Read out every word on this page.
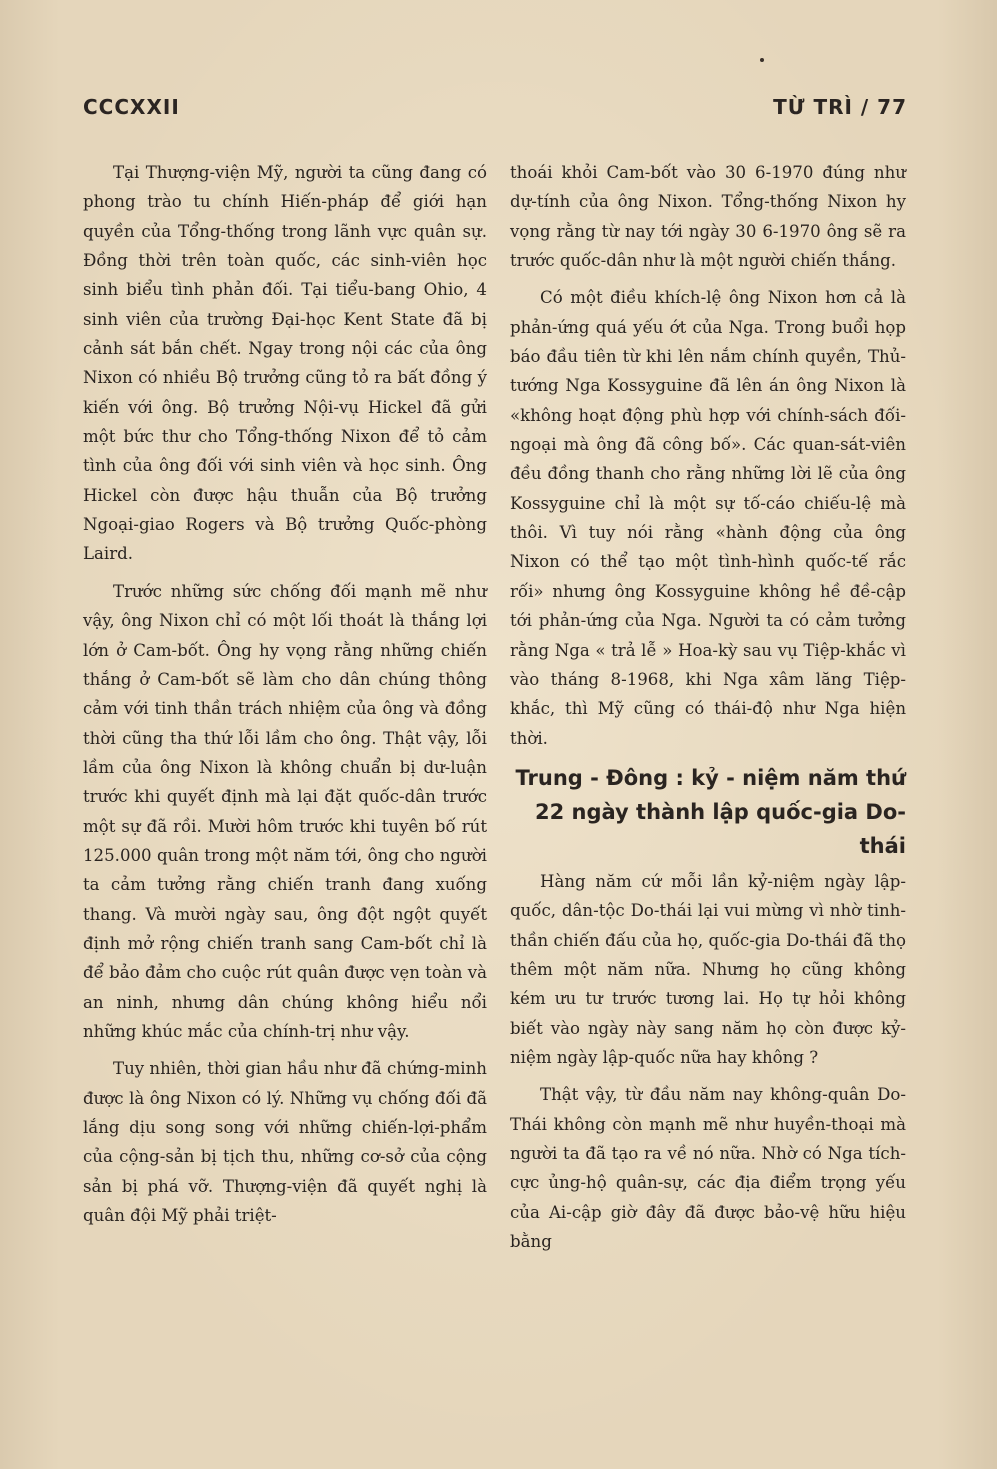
CCCXXII	TỪ TRÌ / 77

Tại Thượng-viện Mỹ, người ta cũng đang có phong trào tu chính Hiến-pháp để giới hạn quyền của Tổng-thống trong lãnh vực quân sự. Đồng thời trên toàn quốc, các sinh-viên học sinh biểu tình phản đối. Tại tiểu-bang Ohio, 4 sinh viên của trường Đại-học Kent State đã bị cảnh sát bắn chết. Ngay trong nội các của ông Nixon có nhiều Bộ trưởng cũng tỏ ra bất đồng ý kiến với ông. Bộ trưởng Nội-vụ Hickel đã gửi một bức thư cho Tổng-thống Nixon để tỏ cảm tình của ông đối với sinh viên và học sinh. Ông Hickel còn được hậu thuẫn của Bộ trưởng Ngoại-giao Rogers và Bộ trưởng Quốc-phòng Laird.

Trước những sức chống đối mạnh mẽ như vậy, ông Nixon chỉ có một lối thoát là thắng lợi lớn ở Cam-bốt. Ông hy vọng rằng những chiến thắng ở Cam-bốt sẽ làm cho dân chúng thông cảm với tinh thần trách nhiệm của ông và đồng thời cũng tha thứ lỗi lầm cho ông. Thật vậy, lỗi lầm của ông Nixon là không chuẩn bị dư-luận trước khi quyết định mà lại đặt quốc-dân trước một sự đã rồi. Mười hôm trước khi tuyên bố rút 125.000 quân trong một năm tới, ông cho người ta cảm tưởng rằng chiến tranh đang xuống thang. Và mười ngày sau, ông đột ngột quyết định mở rộng chiến tranh sang Cam-bốt chỉ là để bảo đảm cho cuộc rút quân được vẹn toàn và an ninh, nhưng dân chúng không hiểu nổi những khúc mắc của chính-trị như vậy.

Tuy nhiên, thời gian hầu như đã chứng-minh được là ông Nixon có lý. Những vụ chống đối đã lắng dịu song song với những chiến-lợi-phẩm của cộng-sản bị tịch thu, những cơ-sở của cộng sản bị phá vỡ. Thượng-viện đã quyết nghị là quân đội Mỹ phải triệt-

thoái khỏi Cam-bốt vào 30 6-1970 đúng như dự-tính của ông Nixon. Tổng-thống Nixon hy vọng rằng từ nay tới ngày 30 6-1970 ông sẽ ra trước quốc-dân như là một người chiến thắng.

Có một điều khích-lệ ông Nixon hơn cả là phản-ứng quá yếu ớt của Nga. Trong buổi họp báo đầu tiên từ khi lên nắm chính quyền, Thủ-tướng Nga Kossyguine đã lên án ông Nixon là «không hoạt động phù hợp với chính-sách đối-ngoại mà ông đã công bố». Các quan-sát-viên đều đồng thanh cho rằng những lời lẽ của ông Kossyguine chỉ là một sự tố-cáo chiếu-lệ mà thôi. Vì tuy nói rằng «hành động của ông Nixon có thể tạo một tình-hình quốc-tế rắc rối» nhưng ông Kossyguine không hề đề-cập tới phản-ứng của Nga. Người ta có cảm tưởng rằng Nga « trả lễ » Hoa-kỳ sau vụ Tiệp-khắc vì vào tháng 8-1968, khi Nga xâm lăng Tiệp-khắc, thì Mỹ cũng có thái-độ như Nga hiện thời.

Trung - Đông : kỷ - niệm năm thứ 22 ngày thành lập quốc-gia Do-thái

Hàng năm cứ mỗi lần kỷ-niệm ngày lập-quốc, dân-tộc Do-thái lại vui mừng vì nhờ tinh-thần chiến đấu của họ, quốc-gia Do-thái đã thọ thêm một năm nữa. Nhưng họ cũng không kém ưu tư trước tương lai. Họ tự hỏi không biết vào ngày này sang năm họ còn được kỷ-niệm ngày lập-quốc nữa hay không ?

Thật vậy, từ đầu năm nay không-quân Do-Thái không còn mạnh mẽ như huyền-thoại mà người ta đã tạo ra về nó nữa. Nhờ có Nga tích-cực ủng-hộ quân-sự, các địa điểm trọng yếu của Ai-cập giờ đây đã được bảo-vệ hữu hiệu bằng
